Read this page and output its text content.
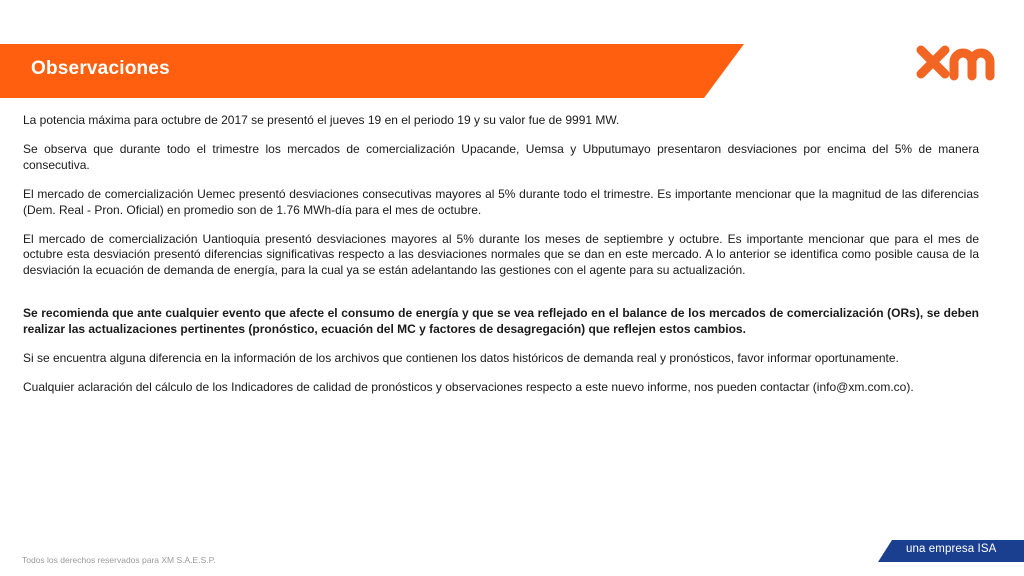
Observaciones

La potencia máxima para octubre de 2017 se presentó el jueves 19 en el periodo 19 y su valor fue de 9991 MW.

Se observa que durante todo el trimestre los mercados de comercialización Upacande, Uemsa y Ubputumayo presentaron desviaciones por encima del 5% de manera consecutiva.

El mercado de comercialización Uemec presentó desviaciones consecutivas mayores al 5% durante todo el trimestre. Es importante mencionar que la magnitud de las diferencias (Dem. Real - Pron. Oficial) en promedio son de 1.76 MWh-día para el mes de octubre.

El mercado de comercialización Uantioquia presentó desviaciones mayores al 5% durante los meses de septiembre y octubre. Es importante mencionar que para el mes de octubre esta desviación presentó diferencias significativas respecto a las desviaciones normales que se dan en este mercado. A lo anterior se identifica como posible causa de la desviación la ecuación de demanda de energía, para la cual ya se están adelantando las gestiones con el agente para su actualización.

Se recomienda que ante cualquier evento que afecte el consumo de energía y que se vea reflejado en el balance de los mercados de comercialización (ORs), se deben realizar las actualizaciones pertinentes (pronóstico, ecuación del MC y factores de desagregación) que reflejen estos cambios.

Si se encuentra alguna diferencia en la información de los archivos que contienen los datos históricos de demanda real y pronósticos, favor informar oportunamente.

Cualquier aclaración del cálculo de los Indicadores de calidad de pronósticos y observaciones respecto a este nuevo informe, nos pueden contactar (info@xm.com.co).

Todos los derechos reservados para XM S.A.E.S.P.
una empresa ISA
